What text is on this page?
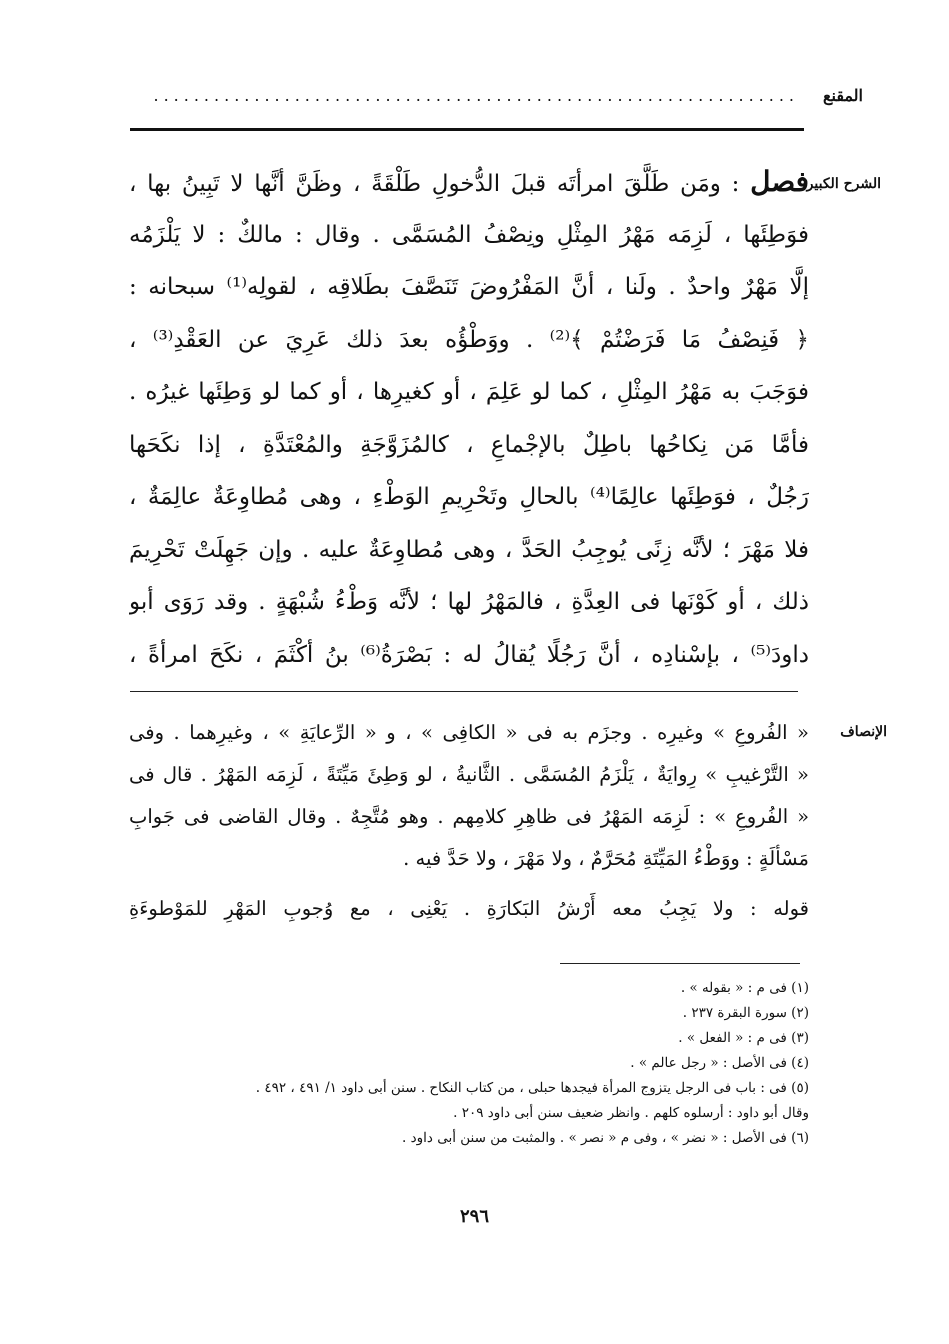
المقنع
................................................................
الشرح الكبير
فصل : ومَن طَلَّقَ امرأتَه قبلَ الدُّخولِ طَلْقَةً ، وظَنَّ أنَّها لا تَبِينُ بها ،
فوَطِئَها ، لَزِمَه مَهْرُ المِثْلِ ونِصْفُ المُسَمَّى . وقال : مالكٌ : لا يَلْزَمُه
إلَّا مَهْرٌ واحدٌ . ولَنا ، أنَّ المَفْرُوضَ تَنَصَّفَ بطَلاقِه ، لقولِه⁽¹⁾ سبحانه :
﴿ فَنِصْفُ مَا فَرَضْتُمْ ﴾⁽²⁾ . ووَطْؤُه بعدَ ذلك عَرِيَ عن العَقْدِ⁽³⁾ ،
فوَجَبَ به مَهْرُ المِثْلِ ، كما لو عَلِمَ ، أو كغيرِها ، أو كما لو وَطِئَها غيرُه .
فأمَّا مَن نِكاحُها باطِلٌ بالإجْماعِ ، كالمُزَوَّجَةِ والمُعْتَدَّةِ ، إذا نكَحَها
رَجُلٌ ، فوَطِئَها عالِمًا⁽⁴⁾ بالحالِ وتَحْرِيمِ الوَطْءِ ، وهى مُطاوِعَةٌ عالِمَةٌ ،
فلا مَهْرَ ؛ لأنَّه زِنًى يُوجِبُ الحَدَّ ، وهى مُطاوِعَةٌ عليه . وإن جَهِلَتْ تَحْرِيمَ
ذلك ، أو كَوْنَها فى العِدَّةِ ، فالمَهْرُ لها ؛ لأنَّه وَطْءُ شُبْهَةٍ . وقد رَوَى أبو
داودَ⁽⁵⁾ ، بإسْنادِه ، أنَّ رَجُلًا يُقالُ له : بَصْرَةُ⁽⁶⁾ بنُ أكْثَمَ ، نكَحَ امرأةً ،
الإنصاف
« الفُروعِ » وغيرِه . وجزَم به فى « الكافِى » ، و « الرِّعايَةِ » ، وغيرِهما . وفى
« التَّرْغيبِ » رِوايَةٌ ، يَلْزَمُ المُسَمَّى . الثَّانيةُ ، لو وَطِئَ مَيِّتَةً ، لَزِمَه المَهْرُ . قال فى
« الفُروعِ » : لَزِمَه المَهْرُ فى ظاهِرِ كلامِهم . وهو مُتَّجِهٌ . وقال القاضى فى جَوابِ
مَسْألَةٍ : ووَطْءُ المَيِّتَةِ مُحَرَّمٌ ، ولا مَهْرَ ، ولا حَدَّ فيه .
قوله : ولا يَجِبُ معه أَرْشُ البَكارَةِ . يَعْنِى ، مع وُجوبِ المَهْرِ للمَوْطوءَةِ
(١) فى م : « بقوله » .
(٢) سورة البقرة ٢٣٧ .
(٣) فى م : « الفعل » .
(٤) فى الأصل : « رجل عالم » .
(٥) فى : باب فى الرجل يتزوج المرأة فيجدها حبلى ، من كتاب النكاح . سنن أبى داود ١/ ٤٩١ ، ٤٩٢ .
وقال أبو داود : أرسلوه كلهم . وانظر ضعيف سنن أبى داود ٢٠٩ .
(٦) فى الأصل : « نضر » ، وفى م « نصر » . والمثبت من سنن أبى داود .
٢٩٦
